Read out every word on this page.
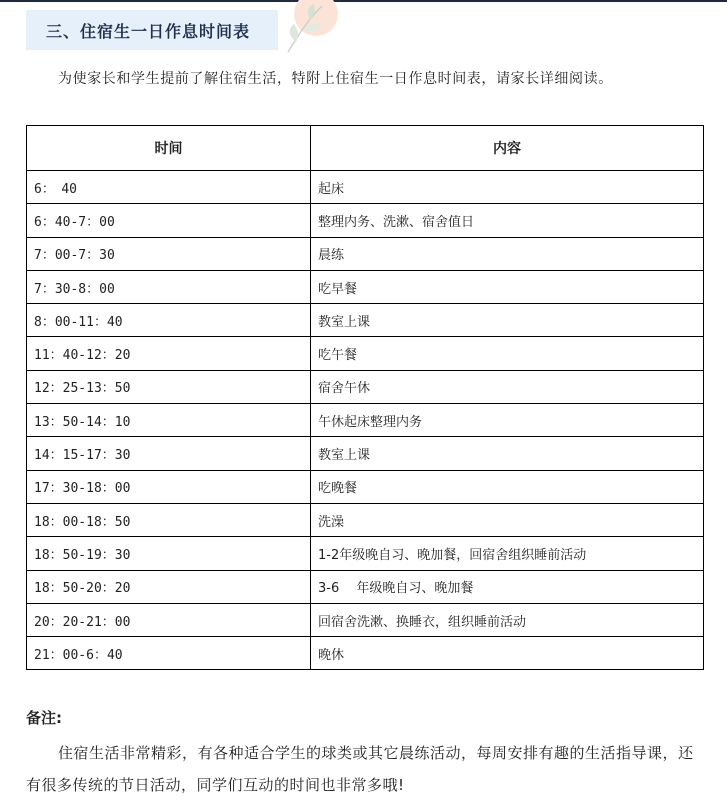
三、住宿生一日作息时间表
为使家长和学生提前了解住宿生活，特附上住宿生一日作息时间表，请家长详细阅读。
时间	内容
6：　40	起床
6：40-7：00	整理内务、洗漱、宿舍值日
7：00-7：30	晨练
7：30-8：00	吃早餐
8：00-11：40	教室上课
11：40-12：20	吃午餐
12：25-13：50	宿舍午休
13：50-14：10	午休起床整理内务
14：15-17：30	教室上课
17：30-18：00	吃晚餐
18：00-18：50	洗澡
18：50-19：30	1-2年级晚自习、晚加餐，回宿舍组织睡前活动
18：50-20：20	3-6　 年级晚自习、晚加餐
20：20-21：00	回宿舍洗漱、换睡衣，组织睡前活动
21：00-6：40	晚休
备注:
住宿生活非常精彩，有各种适合学生的球类或其它晨练活动，每周安排有趣的生活指导课，还有很多传统的节日活动，同学们互动的时间也非常多哦!
